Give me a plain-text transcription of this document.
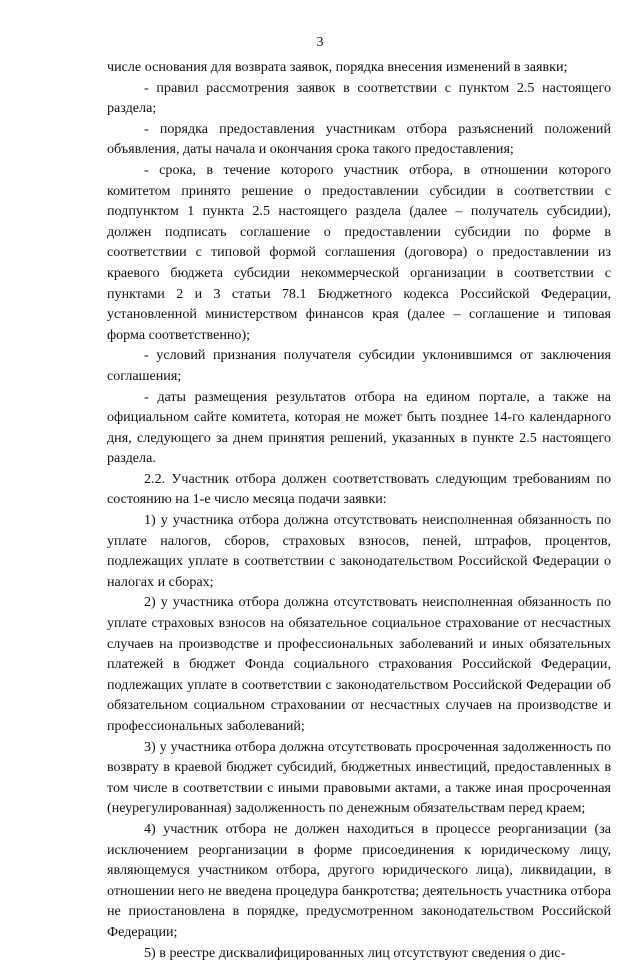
3

числе основания для возврата заявок, порядка внесения изменений в заявки;

- правил рассмотрения заявок в соответствии с пунктом 2.5 настоящего раздела;

- порядка предоставления участникам отбора разъяснений положений объявления, даты начала и окончания срока такого предоставления;

- срока, в течение которого участник отбора, в отношении которого комитетом принято решение о предоставлении субсидии в соответствии с подпунктом 1 пункта 2.5 настоящего раздела (далее – получатель субсидии), должен подписать соглашение о предоставлении субсидии по форме в соответствии с типовой формой соглашения (договора) о предоставлении из краевого бюджета субсидии некоммерческой организации в соответствии с пунктами 2 и 3 статьи 78.1 Бюджетного кодекса Российской Федерации, установленной министерством финансов края (далее – соглашение и типовая форма соответственно);

- условий признания получателя субсидии уклонившимся от заключения соглашения;

- даты размещения результатов отбора на едином портале, а также на официальном сайте комитета, которая не может быть позднее 14-го календарного дня, следующего за днем принятия решений, указанных в пункте 2.5 настоящего раздела.

2.2. Участник отбора должен соответствовать следующим требованиям по состоянию на 1-е число месяца подачи заявки:

1) у участника отбора должна отсутствовать неисполненная обязанность по уплате налогов, сборов, страховых взносов, пеней, штрафов, процентов, подлежащих уплате в соответствии с законодательством Российской Федерации о налогах и сборах;

2) у участника отбора должна отсутствовать неисполненная обязанность по уплате страховых взносов на обязательное социальное страхование от несчастных случаев на производстве и профессиональных заболеваний и иных обязательных платежей в бюджет Фонда социального страхования Российской Федерации, подлежащих уплате в соответствии с законодательством Российской Федерации об обязательном социальном страховании от несчастных случаев на производстве и профессиональных заболеваний;

3) у участника отбора должна отсутствовать просроченная задолженность по возврату в краевой бюджет субсидий, бюджетных инвестиций, предоставленных в том числе в соответствии с иными правовыми актами, а также иная просроченная (неурегулированная) задолженность по денежным обязательствам перед краем;

4) участник отбора не должен находиться в процессе реорганизации (за исключением реорганизации в форме присоединения к юридическому лицу, являющемуся участником отбора, другого юридического лица), ликвидации, в отношении него не введена процедура банкротства; деятельность участника отбора не приостановлена в порядке, предусмотренном законодательством Российской Федерации;

5) в реестре дисквалифицированных лиц отсутствуют сведения о дис-
